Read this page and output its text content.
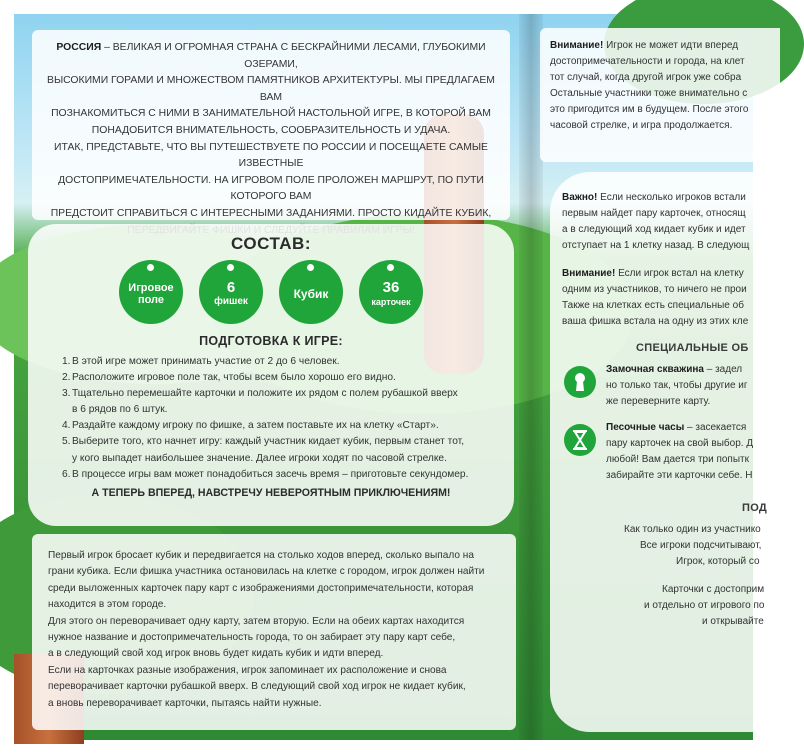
РОССИЯ – ВЕЛИКАЯ И ОГРОМНАЯ СТРАНА С БЕСКРАЙНИМИ ЛЕСАМИ, ГЛУБОКИМИ ОЗЕРАМИ,

ВЫСОКИМИ ГОРАМИ И МНОЖЕСТВОМ ПАМЯТНИКОВ АРХИТЕКТУРЫ. МЫ ПРЕДЛАГАЕМ ВАМ

ПОЗНАКОМИТЬСЯ С НИМИ В ЗАНИМАТЕЛЬНОЙ НАСТОЛЬНОЙ ИГРЕ, В КОТОРОЙ ВАМ

ПОНАДОБИТСЯ ВНИМАТЕЛЬНОСТЬ, СООБРАЗИТЕЛЬНОСТЬ И УДАЧА.

ИТАК, ПРЕДСТАВЬТЕ, ЧТО ВЫ ПУТЕШЕСТВУЕТЕ ПО РОССИИ И ПОСЕЩАЕТЕ САМЫЕ ИЗВЕСТНЫЕ

ДОСТОПРИМЕЧАТЕЛЬНОСТИ. НА ИГРОВОМ ПОЛЕ ПРОЛОЖЕН МАРШРУТ, ПО ПУТИ КОТОРОГО ВАМ

ПРЕДСТОИТ СПРАВИТЬСЯ С ИНТЕРЕСНЫМИ ЗАДАНИЯМИ. ПРОСТО КИДАЙТЕ КУБИК,

СОСТАВ:
Игровое
поле
6
фишек
Кубик	36
карточек
ПОДГОТОВКА К ИГРЕ:
1. В этой игре может принимать участие от 2 до 6 человек.
2. Расположите игровое поле так, чтобы всем было хорошо его видно.
3. Тщательно перемешайте карточки и положите их рядом с полем рубашкой вверх
в 6 рядов по 6 штук.
4. Раздайте каждому игроку по фишке, а затем поставьте их на клетку «Старт».
5. Выберите того, кто начнет игру: каждый участник кидает кубик, первым станет тот,
у кого выпадет наибольшее значение. Далее игроки ходят по часовой стрелке.
6. В процессе игры вам может понадобиться засечь время – приготовьте секундомер.
А ТЕПЕРЬ ВПЕРЕД, НАВСТРЕЧУ НЕВЕРОЯТНЫМ ПРИКЛЮЧЕНИЯМ!

Первый игрок бросает кубик и передвигается на столько ходов вперед, сколько выпало на

грани кубика. Если фишка участника остановилась на клетке с городом, игрок должен найти

среди выложенных карточек пару карт с изображениями достопримечательности, которая

находится в этом городе.

Для этого он переворачивает одну карту, затем вторую. Если на обеих картах находится

нужное название и достопримечательность города, то он забирает эту пару карт себе,

а в следующий свой ход игрок вновь будет кидать кубик и идти вперед.

Если на карточках разные изображения, игрок запоминает их расположение и снова

переворачивает карточки рубашкой вверх. В следующий свой ход игрок не кидает кубик,

а вновь переворачивает карточки, пытаясь найти нужные.

Внимание! Игрок не может идти вперед

достопримечательности и города, на клет

тот случай, когда другой игрок уже собра

Остальные участники тоже внимательно с

это пригодится им в будущем. После этого

часовой стрелке, и игра продолжается.

Важно! Если несколько игроков встали

первым найдет пару карточек, относящ

а в следующий ход кидает кубик и идет

отступает на 1 клетку назад. В следующ

Внимание! Если игрок встал на клетку

одним из участников, то ничего не прои

Также на клетках есть специальные об

ваша фишка встала на одну из этих кле

СПЕЦИАЛЬНЫЕ ОБ

Замочная скважина – задел

но только так, чтобы другие иг

же переверните карту.

Песочные часы – засекается

пару карточек на свой выбор. Д

любой! Вам дается три попытк

забирайте эти карточки себе. Н

ПОД

Как только один из участнико

Все игроки подсчитывают,

Игрок, который со

Карточки с достоприм

и отдельно от игрового по

и открывайте
